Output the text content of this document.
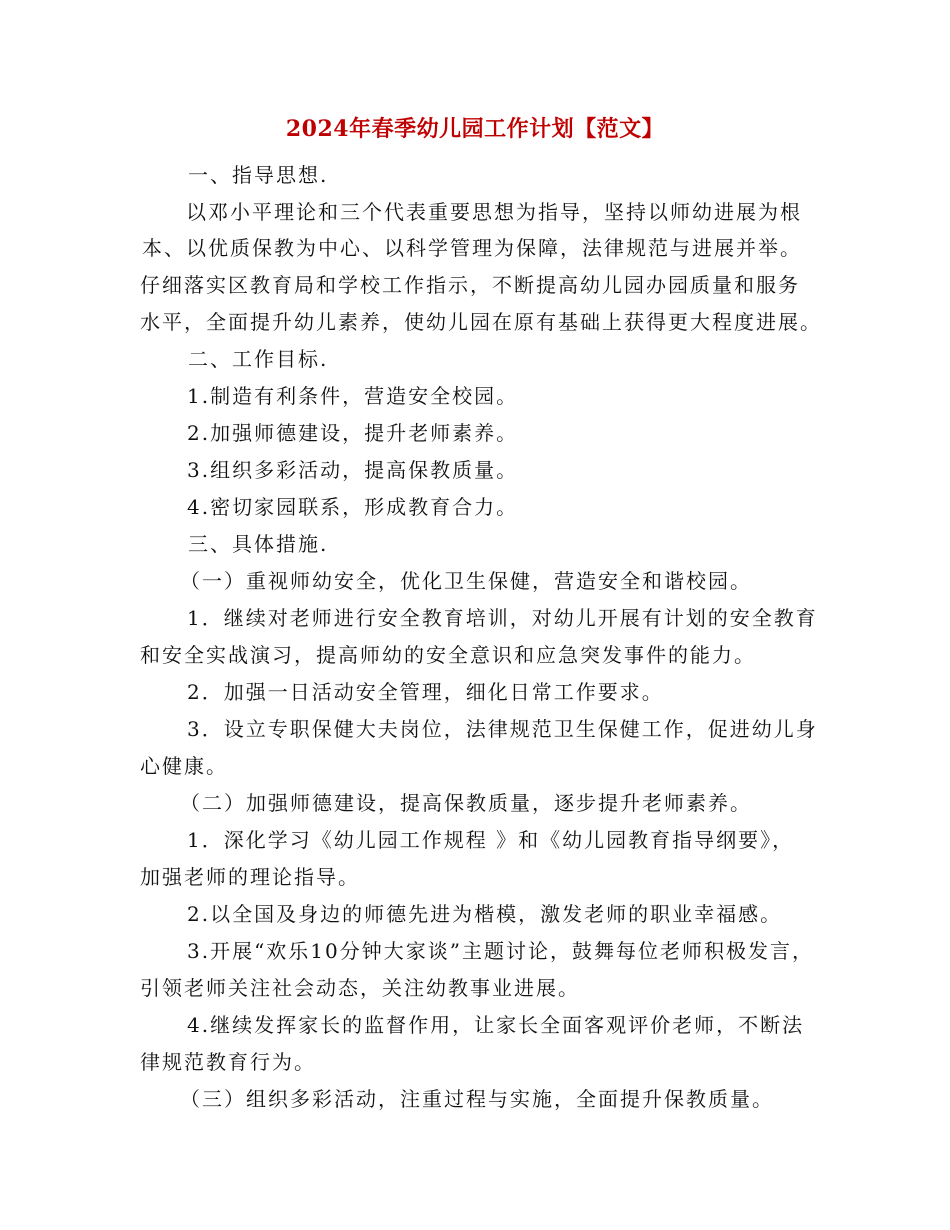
2024年春季幼儿园工作计划【范文】
一、指导思想.
以邓小平理论和三个代表重要思想为指导，坚持以师幼进展为根
本、以优质保教为中心、以科学管理为保障，法律规范与进展并举。
仔细落实区教育局和学校工作指示，不断提高幼儿园办园质量和服务
水平，全面提升幼儿素养，使幼儿园在原有基础上获得更大程度进展。
二、工作目标.
1.制造有利条件，营造安全校园。
2.加强师德建设，提升老师素养。
3.组织多彩活动，提高保教质量。
4.密切家园联系，形成教育合力。
三、具体措施.
（一）重视师幼安全，优化卫生保健，营造安全和谐校园。
1．继续对老师进行安全教育培训，对幼儿开展有计划的安全教育
和安全实战演习，提高师幼的安全意识和应急突发事件的能力。
2．加强一日活动安全管理，细化日常工作要求。
3．设立专职保健大夫岗位，法律规范卫生保健工作，促进幼儿身
心健康。
（二）加强师德建设，提高保教质量，逐步提升老师素养。
1．深化学习《幼儿园工作规程 》和《幼儿园教育指导纲要》，
加强老师的理论指导。
2.以全国及身边的师德先进为楷模，激发老师的职业幸福感。
3.开展“欢乐10分钟大家谈”主题讨论，鼓舞每位老师积极发言，
引领老师关注社会动态，关注幼教事业进展。
4.继续发挥家长的监督作用，让家长全面客观评价老师，不断法
律规范教育行为。
（三）组织多彩活动，注重过程与实施，全面提升保教质量。
